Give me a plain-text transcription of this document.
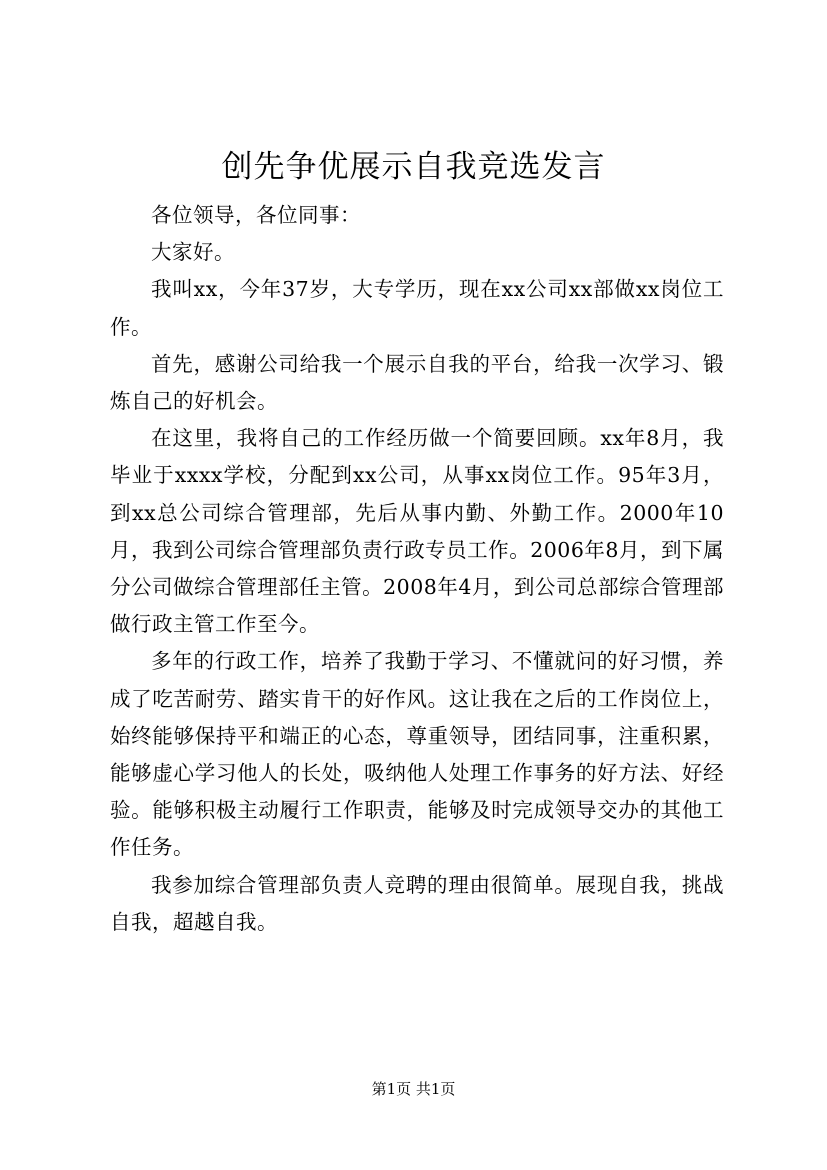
创先争优展示自我竞选发言

各位领导，各位同事：

大家好。

我叫xx，今年37岁，大专学历，现在xx公司xx部做xx岗位工作。

首先，感谢公司给我一个展示自我的平台，给我一次学习、锻炼自己的好机会。

在这里，我将自己的工作经历做一个简要回顾。xx年8月，我毕业于xxxx学校，分配到xx公司，从事xx岗位工作。95年3月，到xx总公司综合管理部，先后从事内勤、外勤工作。2000年10月，我到公司综合管理部负责行政专员工作。2006年8月，到下属分公司做综合管理部任主管。2008年4月，到公司总部综合管理部做行政主管工作至今。

多年的行政工作，培养了我勤于学习、不懂就问的好习惯，养成了吃苦耐劳、踏实肯干的好作风。这让我在之后的工作岗位上，始终能够保持平和端正的心态，尊重领导，团结同事，注重积累，能够虚心学习他人的长处，吸纳他人处理工作事务的好方法、好经验。能够积极主动履行工作职责，能够及时完成领导交办的其他工作任务。

我参加综合管理部负责人竞聘的理由很简单。展现自我，挑战自我，超越自我。

第1页 共1页
